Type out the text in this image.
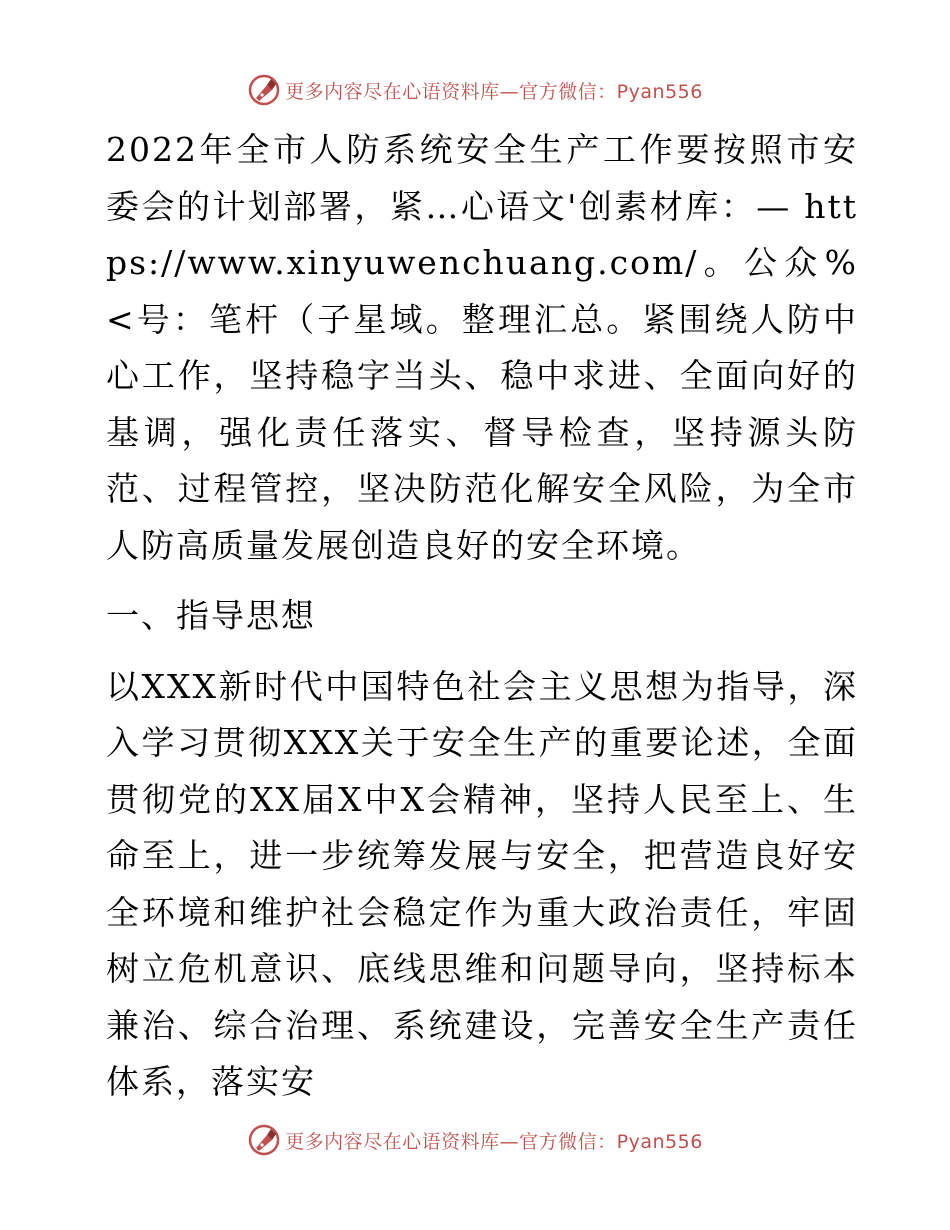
更多内容尽在心语资料库—官方微信：Pyan556

2022年全市人防系统安全生产工作要按照市安委会的计划部署，紧…心语文'创素材库：— https://www.xinyuwenchuang.com/。公众%<号：笔杆（子星域。整理汇总。紧围绕人防中心工作，坚持稳字当头、稳中求进、全面向好的基调，强化责任落实、督导检查，坚持源头防范、过程管控，坚决防范化解安全风险，为全市人防高质量发展创造良好的安全环境。

一、指导思想

以XXX新时代中国特色社会主义思想为指导，深入学习贯彻XXX关于安全生产的重要论述，全面贯彻党的XX届X中X会精神，坚持人民至上、生命至上，进一步统筹发展与安全，把营造良好安全环境和维护社会稳定作为重大政治责任，牢固树立危机意识、底线思维和问题导向，坚持标本兼治、综合治理、系统建设，完善安全生产责任体系，落实安

更多内容尽在心语资料库—官方微信：Pyan556
